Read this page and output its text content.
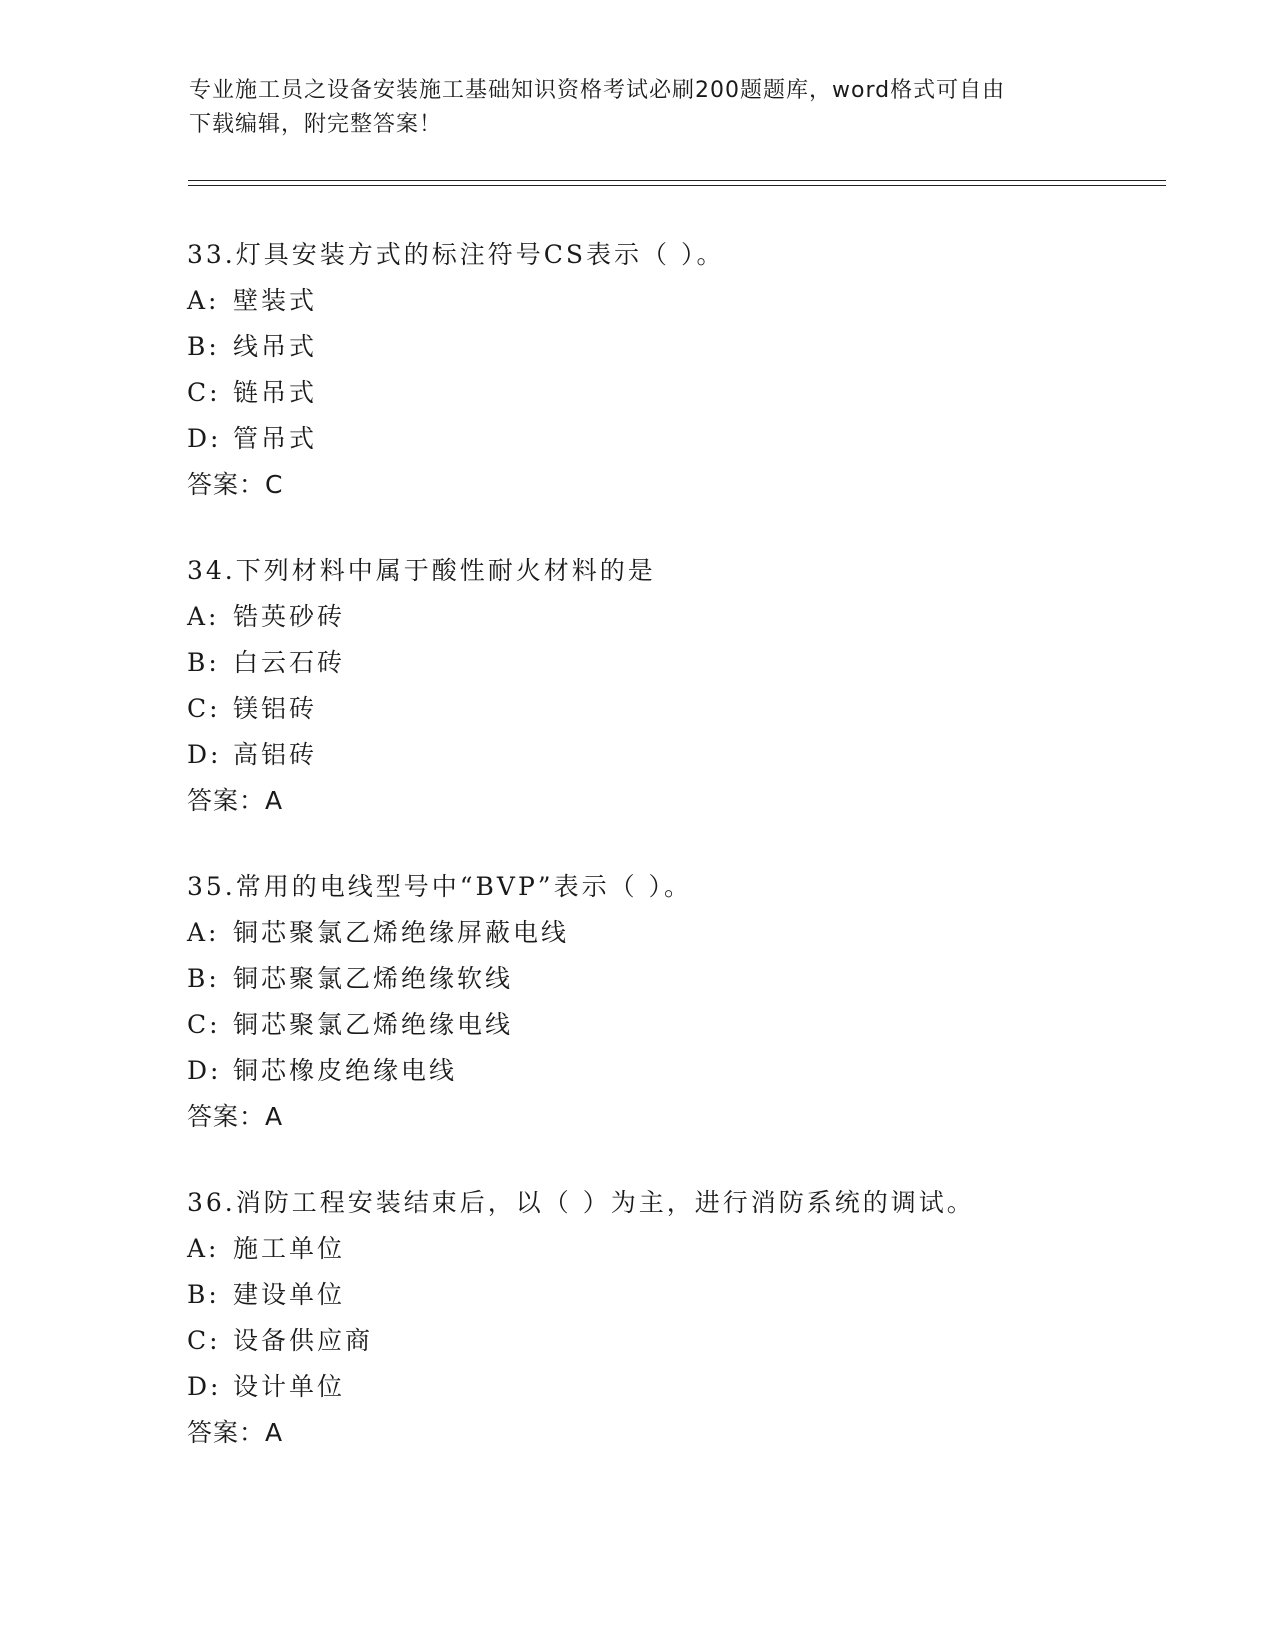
专业施工员之设备安装施工基础知识资格考试必刷200题题库，word格式可自由
下载编辑，附完整答案！
33.灯具安装方式的标注符号CS表示（ ）。
A: 壁装式
B: 线吊式
C: 链吊式
D: 管吊式
答案：C
34.下列材料中属于酸性耐火材料的是
A: 锆英砂砖
B: 白云石砖
C: 镁铝砖
D: 高铝砖
答案：A
35.常用的电线型号中“BVP”表示（ ）。
A: 铜芯聚氯乙烯绝缘屏蔽电线
B: 铜芯聚氯乙烯绝缘软线
C: 铜芯聚氯乙烯绝缘电线
D: 铜芯橡皮绝缘电线
答案：A
36.消防工程安装结束后，以（ ）为主，进行消防系统的调试。
A: 施工单位
B: 建设单位
C: 设备供应商
D: 设计单位
答案：A
